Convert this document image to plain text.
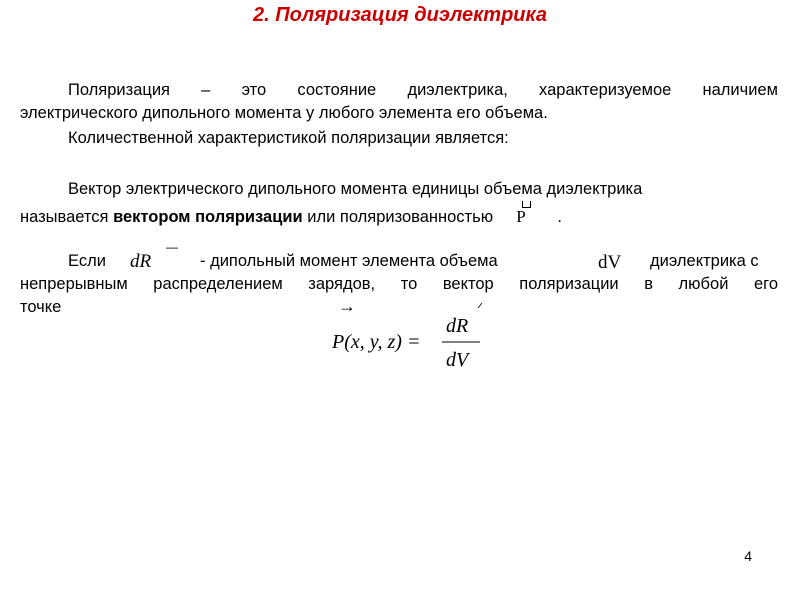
2. Поляризация диэлектрика
Поляризация – это состояние диэлектрика, характеризуемое наличием
электрического дипольного момента у любого элемента его объема.
Количественной характеристикой поляризации является:
Вектор электрического дипольного момента единицы объема диэлектрика
называется вектором поляризации или поляризованностью P .
Если
—
dR	- дипольный момент элемента объема	dV диэлектрика с
непрерывным распределением зарядов, то вектор поляризации в любой его
точке	→
P(x, y, z) =
dR
dV
4
